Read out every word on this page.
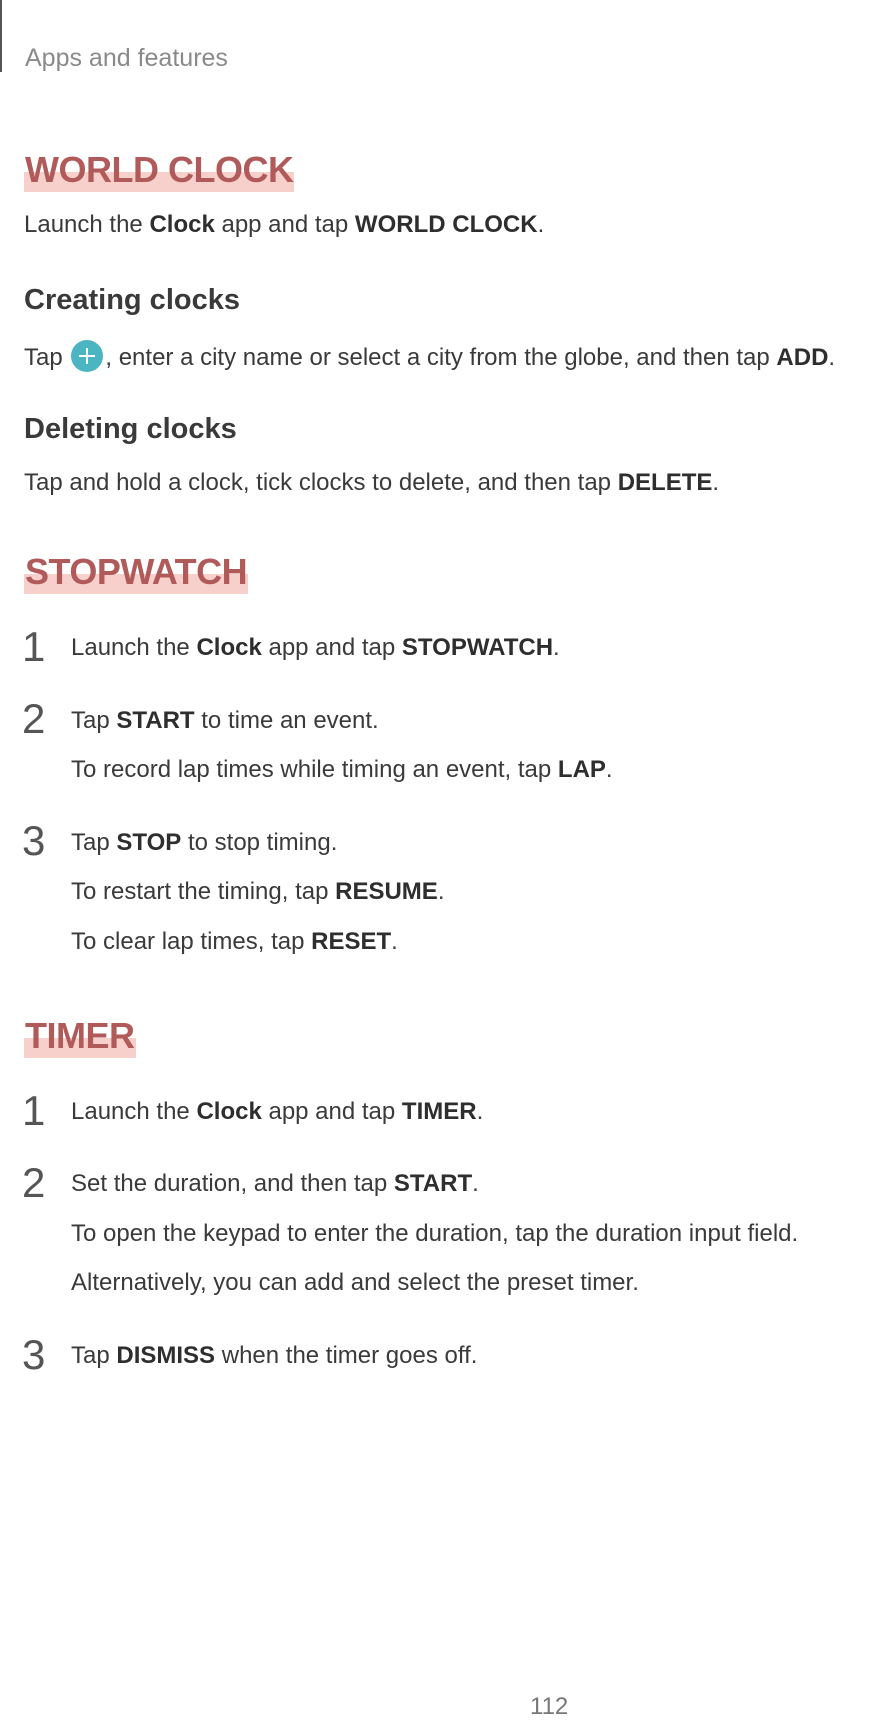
Apps and features
WORLD CLOCK
Launch the Clock app and tap WORLD CLOCK.
Creating clocks
Tap , enter a city name or select a city from the globe, and then tap ADD.
Deleting clocks
Tap and hold a clock, tick clocks to delete, and then tap DELETE.
STOPWATCH
1 Launch the Clock app and tap STOPWATCH.
2 Tap START to time an event.
To record lap times while timing an event, tap LAP.
3 Tap STOP to stop timing.
To restart the timing, tap RESUME.
To clear lap times, tap RESET.
TIMER
1 Launch the Clock app and tap TIMER.
2 Set the duration, and then tap START.
To open the keypad to enter the duration, tap the duration input field.
Alternatively, you can add and select the preset timer.
3 Tap DISMISS when the timer goes off.
112
